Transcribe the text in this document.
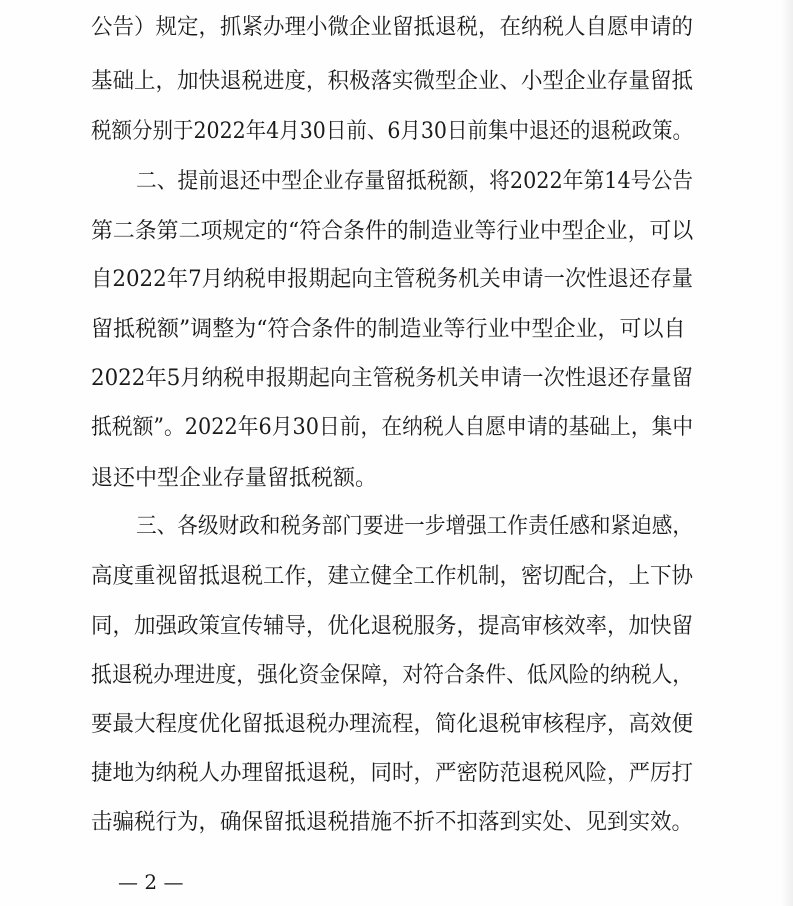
公告）规定，抓紧办理小微企业留抵退税，在纳税人自愿申请的
基础上，加快退税进度，积极落实微型企业、小型企业存量留抵
税额分别于2022年4月30日前、6月30日前集中退还的退税政策。
二、提前退还中型企业存量留抵税额，将2022年第14号公告
第二条第二项规定的“符合条件的制造业等行业中型企业，可以
自2022年7月纳税申报期起向主管税务机关申请一次性退还存量
留抵税额”调整为“符合条件的制造业等行业中型企业，可以自
2022年5月纳税申报期起向主管税务机关申请一次性退还存量留
抵税额”。2022年6月30日前，在纳税人自愿申请的基础上，集中
退还中型企业存量留抵税额。
三、各级财政和税务部门要进一步增强工作责任感和紧迫感，
高度重视留抵退税工作，建立健全工作机制，密切配合，上下协
同，加强政策宣传辅导，优化退税服务，提高审核效率，加快留
抵退税办理进度，强化资金保障，对符合条件、低风险的纳税人，
要最大程度优化留抵退税办理流程，简化退税审核程序，高效便
捷地为纳税人办理留抵退税，同时，严密防范退税风险，严厉打
击骗税行为，确保留抵退税措施不折不扣落到实处、见到实效。
— 2 —
